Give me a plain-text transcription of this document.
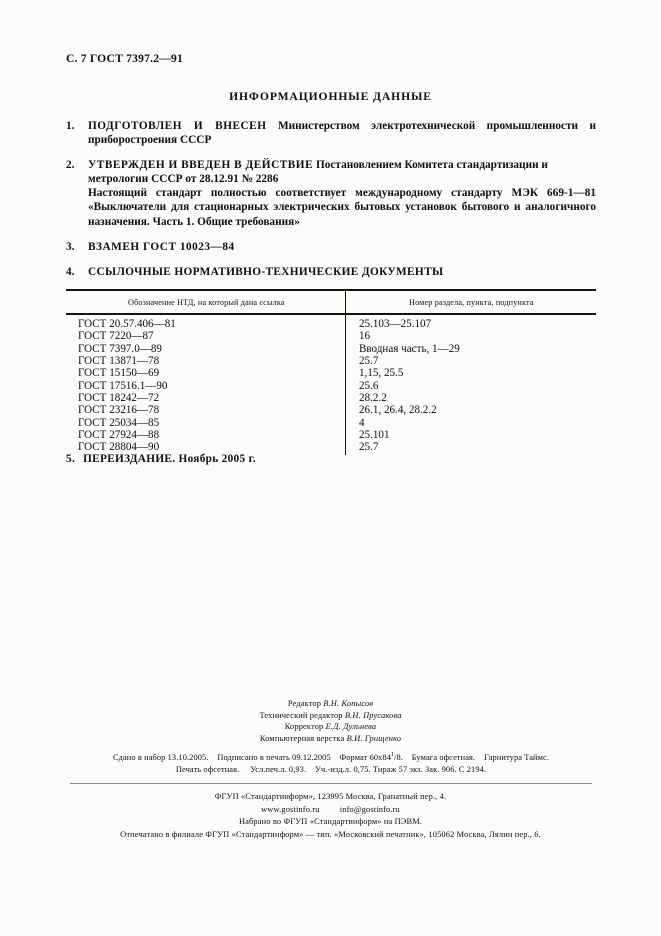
С. 7 ГОСТ 7397.2—91
ИНФОРМАЦИОННЫЕ ДАННЫЕ
1. ПОДГОТОВЛЕН И ВНЕСЕН Министерством электротехнической промышленности и приборостроения СССР

2. УТВЕРЖДЕН И ВВЕДЕН В ДЕЙСТВИЕ Постановлением Комитета стандартизации и метрологии СССР от 28.12.91 № 2286

Настоящий стандарт полностью соответствует международному стандарту МЭК 669-1—81 «Выключатели для стационарных электрических бытовых установок бытового и аналогичного назначения. Часть 1. Общие требования»

3. ВЗАМЕН ГОСТ 10023—84

4. ССЫЛОЧНЫЕ НОРМАТИВНО-ТЕХНИЧЕСКИЕ ДОКУМЕНТЫ

Обозначение НТД, на который дана ссылка	Номер раздела, пункта, подпункта
ГОСТ 20.57.406—81
ГОСТ 7220—87
ГОСТ 7397.0—89
ГОСТ 13871—78
ГОСТ 15150—69
ГОСТ 17516.1—90
ГОСТ 18242—72
ГОСТ 23216—78
ГОСТ 25034—85
ГОСТ 27924—88
ГОСТ 28804—90
25.103—25.107
16
Вводная часть, 1—29
25.7
1,15, 25.5
25.6
28.2.2
26.1, 26.4, 28.2.2
4
25.101
25.7
5. ПЕРЕИЗДАНИЕ. Ноябрь 2005 г.
Редактор В.Н. Копысов
Технический редактор В.Н. Прусакова
Корректор Е.Д. Дульнева
Компьютерная верстка В.И. Грищенко
Сдано в набор 13.10.2005. Подписано в печать 09.12.2005 Формат $60x84^1/8$. Бумага офсетная. Гарнитура Таймс.
Печать офсетная. Усл.печ.л. 0,93. Уч.-изд.л. 0,75. Тираж 57 экз. Зак. 906. С 2194.
ФГУП «Стандартинформ», 123995 Москва, Гранатный пер., 4.
www.gostinfo.ru info@gostinfo.ru
Набрано во ФГУП «Стандартинформ» на ПЭВМ.
Отпечатано в филиале ФГУП «Стандартинформ» — тип. «Московский печатник», 105062 Москва, Лялин пер., 6.
